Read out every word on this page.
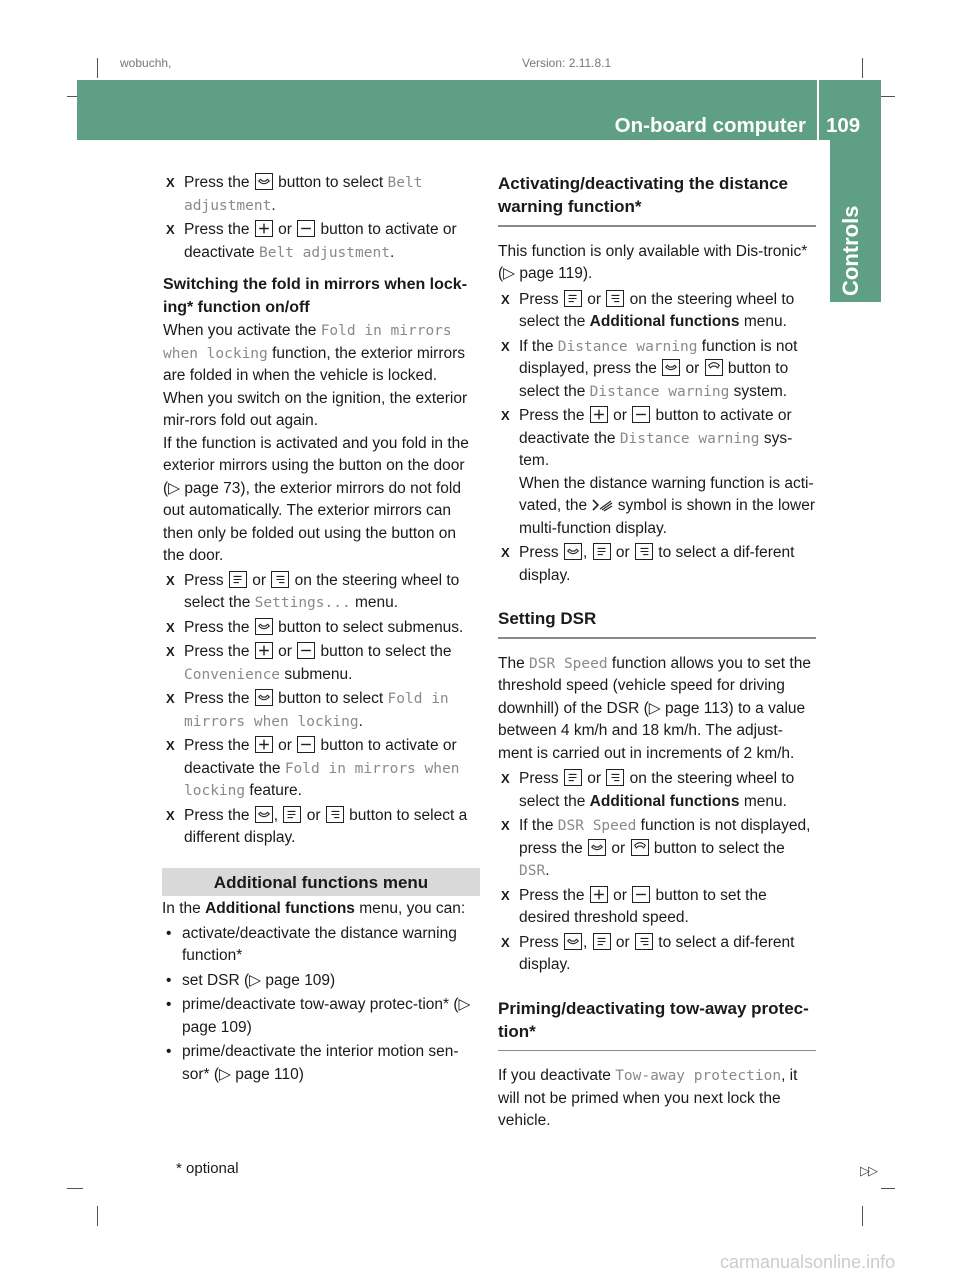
wobuchh,	Version: 2.11.8.1
On-board computer 109
Controls

X Press the button to select Belt adjustment.

X Press the or button to activate or deactivate Belt adjustment.

Switching the fold in mirrors when lock-ing* function on/off

When you activate the Fold in mirrors when locking function, the exterior mirrors are folded in when the vehicle is locked. When you switch on the ignition, the exterior mir-rors fold out again.

If the function is activated and you fold in the exterior mirrors using the button on the door (▷ page 73), the exterior mirrors do not fold out automatically. The exterior mirrors can then only be folded out using the button on the door.

X Press or on the steering wheel to select the Settings... menu.

X Press the button to select submenus.

X Press the or button to select the Convenience submenu.

X Press the button to select Fold in mirrors when locking.

X Press the or button to activate or deactivate the Fold in mirrors when locking feature.

X Press the ,
or button to select a different display.

Additional functions menu

In the Additional functions menu, you can:

• activate/deactivate the distance warning function*

• set DSR (▷ page 109)

• prime/deactivate tow-away protec-tion* (▷ page 109)

• prime/deactivate the interior motion sen-sor* (▷ page 110)

Activating/deactivating the distance warning function*

This function is only available with Dis-tronic* (▷ page 119).

X Press or on the steering wheel to select the Additional functions menu.

X If the Distance warning function is not displayed, press the or button to select the Distance warning system.

X Press the or button to activate or deactivate the Distance warning sys-tem.
When the distance warning function is acti-vated, the symbol is shown in the lower multi-function display.

X Press ,
or to select a dif-ferent display.

Setting DSR

The DSR Speed function allows you to set the threshold speed (vehicle speed for driving downhill) of the DSR (▷ page 113) to a value between 4 km/h and 18 km/h. The adjust-ment is carried out in increments of 2 km/h.

X Press or on the steering wheel to select the Additional functions menu.

X If the DSR Speed function is not displayed, press the or button to select the DSR.

X Press the or button to set the desired threshold speed.

X Press ,
or to select a dif-ferent display.

Priming/deactivating tow-away protec-tion*

If you deactivate Tow-away protection, it will not be primed when you next lock the vehicle.

* optional	▷▷
carmanualsonline.info
